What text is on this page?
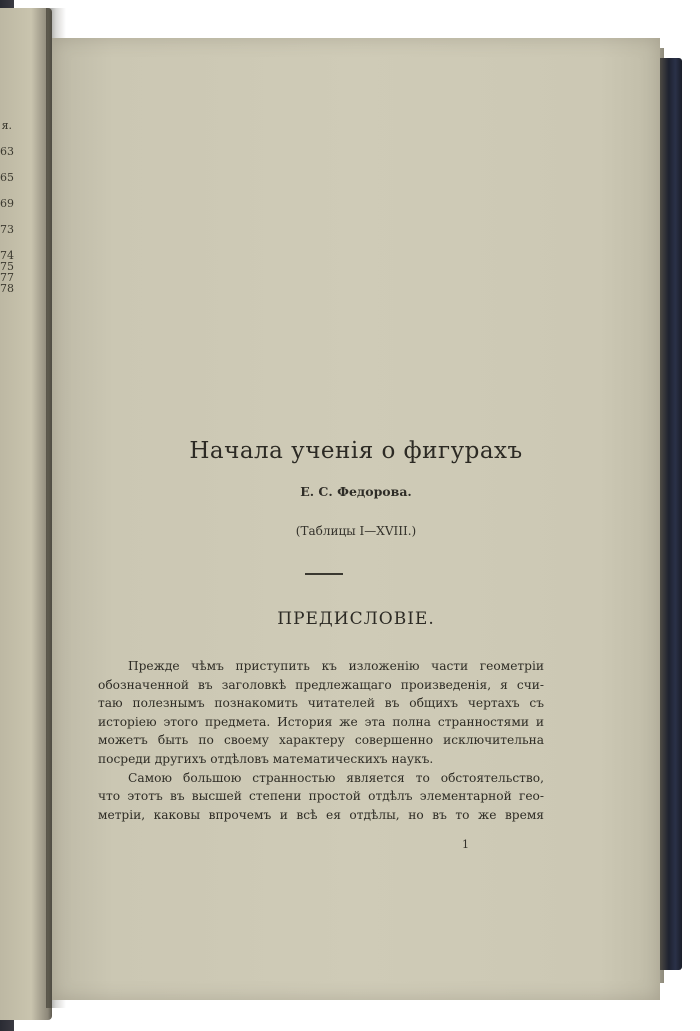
я.
63
65
69
73
74
75
77
78
Начала ученія о фигурахъ
Е. С. Федорова.
(Таблицы I—XVIII.)
ПРЕДИСЛОВІЕ.
Прежде чѣмъ приступить къ изложенію части геометріи
обозначенной въ заголовкѣ предлежащаго произведенія, я счи-
таю полезнымъ познакомить читателей въ общихъ чертахъ съ
исторіею этого предмета. История же эта полна странностями и
можетъ быть по своему характеру совершенно исключительна
посреди другихъ отдѣловъ математическихъ наукъ.
Самою большою странностью является то обстоятельство,
что этотъ въ высшей степени простой отдѣлъ элементарной гео-
метріи, каковы впрочемъ и всѣ ея отдѣлы, но въ то же время
1
